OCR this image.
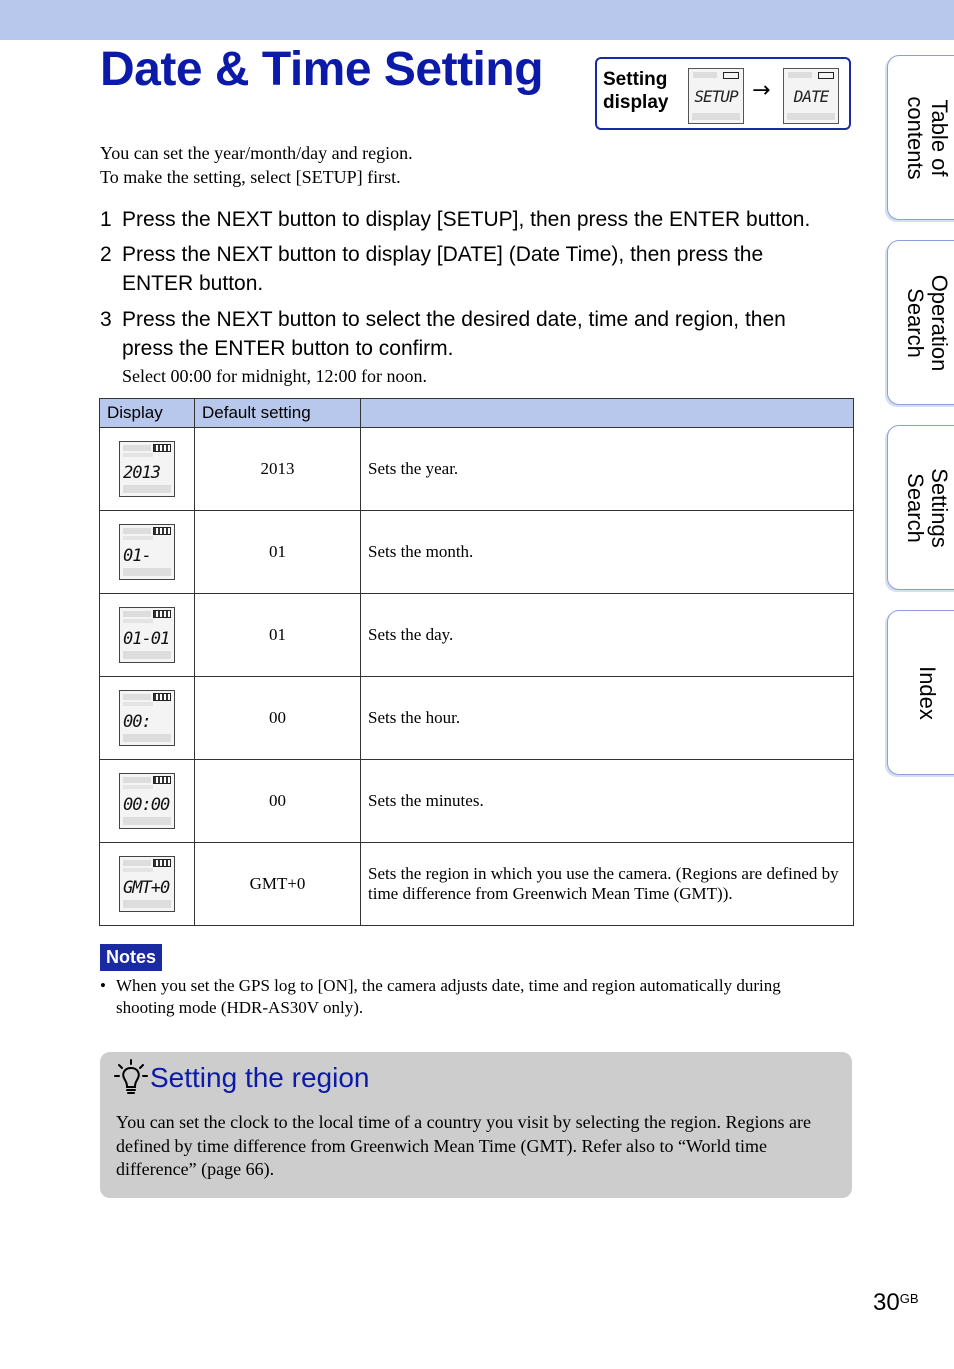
Date & Time Setting	Setting
display SETUP	DATE
→
You can set the year/month/day and region.
To make the setting, select [SETUP] first.
1 Press the NEXT button to display [SETUP], then press the ENTER button.
2 Press the NEXT button to display [DATE] (Date Time), then press the ENTER button.
3 Press the NEXT button to select the desired date, time and region, then press the ENTER button to confirm.
Select 00:00 for midnight, 12:00 for noon.
Display	Default setting	

2013	2013	Sets the year.

01-	01	Sets the month.

01-01	01	Sets the day.

00:	00	Sets the hour.

00:00	00	Sets the minutes.

GMT+0	GMT+0	Sets the region in which you use the camera. (Regions are defined by time difference from Greenwich Mean Time (GMT)).
Notes
• When you set the GPS log to [ON], the camera adjusts date, time and region automatically during shooting mode (HDR-AS30V only).
Setting the region
You can set the clock to the local time of a country you visit by selecting the region. Regions are defined by time difference from Greenwich Mean Time (GMT). Refer also to “World time difference” (page 66).
$30^{GB}$
Table of
contents
Operation
Search
Settings
Search
Index
